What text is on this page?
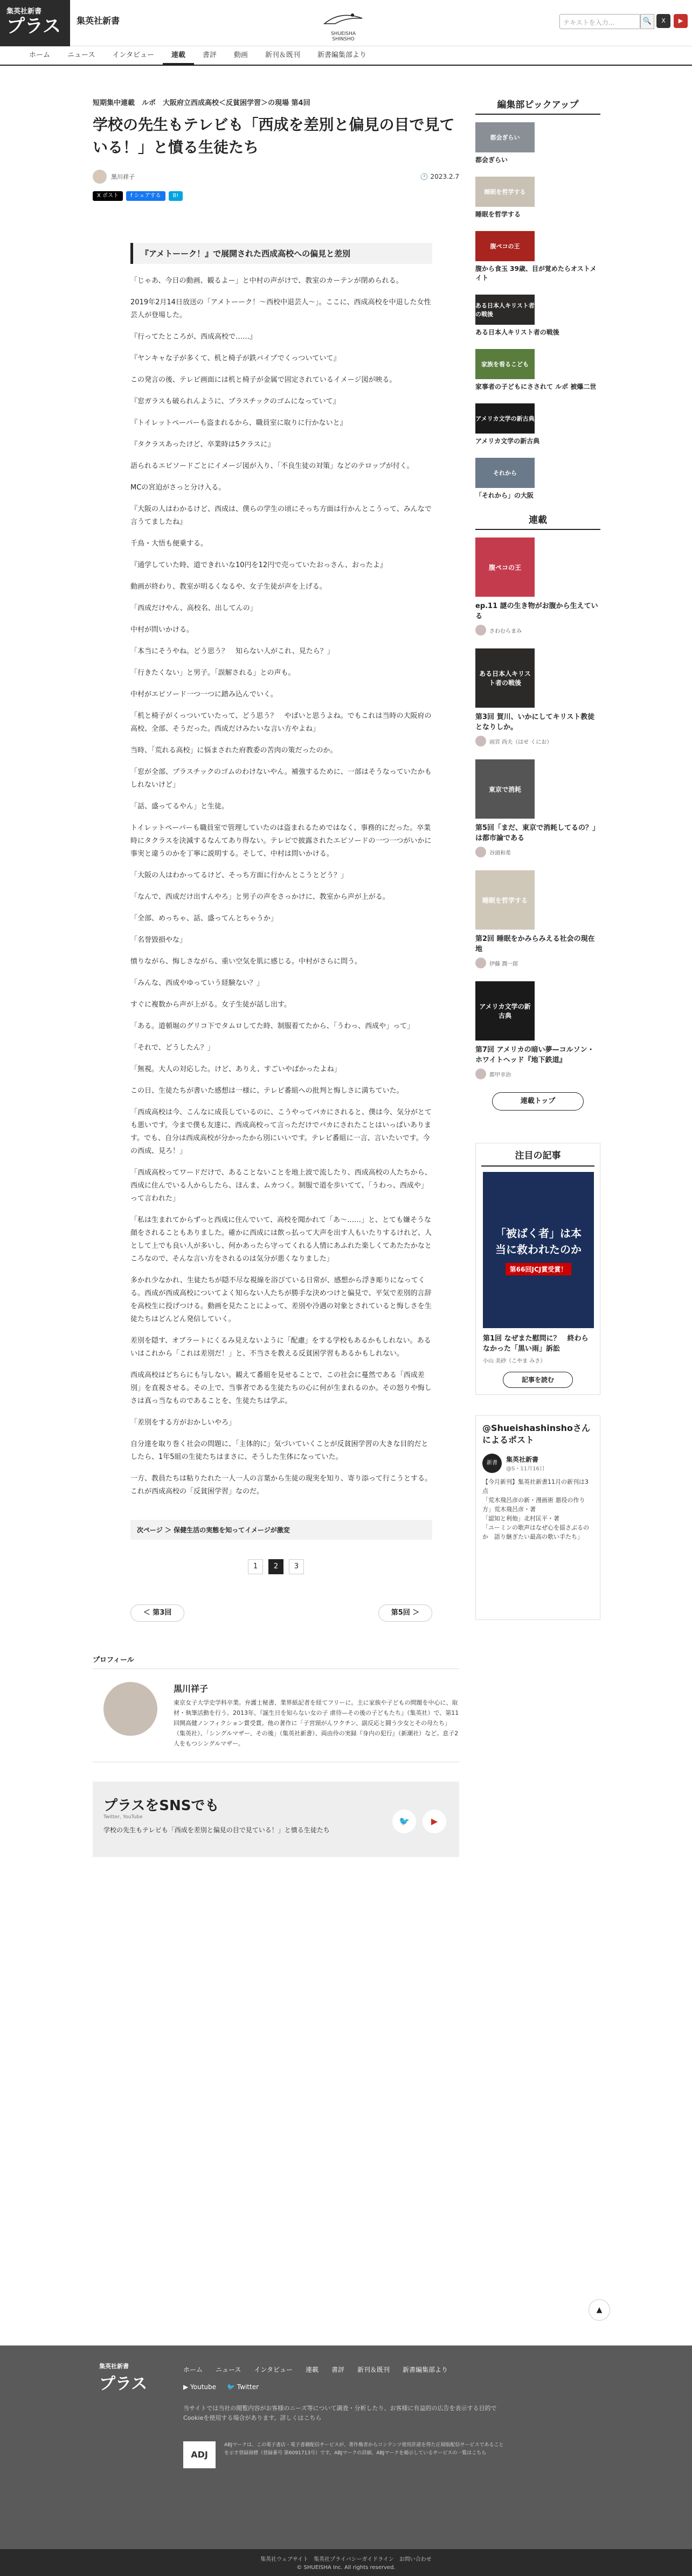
集英社新書
プラス	集英社新書
SHUEISHA SHINSHO
テキストを入力...	🔍	X	▶
ホーム	ニュース	インタビュー	連載	書評	動画	新刊＆既刊	新書編集部より
短期集中連載　ルポ　大阪府立西成高校＜反貧困学習＞の現場 第4回
学校の先生もテレビも「西成を差別と偏見の目で見ている！」と憤る生徒たち
黒川祥子	🕐 2023.2.7
X ポスト	f シェアする	B!
『アメトーーク！』で展開された西成高校への偏見と差別

「じゃあ、今日の動画、観るよー」と中村の声がけで、教室のカーテンが閉められる。

2019年2月14日放送の「アメトーーク！〜西校中退芸人〜」。ここに、西成高校を中退した女性芸人が登場した。

『行ってたところが、西成高校で……』

『ヤンキャな子が多くて、机と椅子が鉄パイプでくっついていて』

この発言の後、テレビ画面には机と椅子が金属で固定されているイメージ図が映る。

『窓ガラスも破られんように、プラスチックのゴムになっていて』

『トイレットペーパーも盗まれるから、職員室に取りに行かないと』

『タクラスあったけど、卒業時は5クラスに』

語られるエピソードごとにイメージ図が入り、「不良生徒の対策」などのテロップが付く。

MCの宮迫がさっと分け入る。

『大阪の人はわかるけど、西成は、僕らの学生の頃にそっち方面は行かんとこうって、みんなで言うてましたね』

千鳥・大悟も便乗する。

『通学していた時、道できれいな10円を12円で売っていたおっさん、おったよ』

動画が終わり、教室が明るくなるや、女子生徒が声を上げる。

「西成だけやん、高校名、出してんの」

中村が問いかける。

「本当にそうやね。どう思う？　知らない人がこれ、見たら？」

「行きたくない」と男子。「誤解される」との声も。

中村がエピソード一つ一つに踏み込んでいく。

「机と椅子がくっついていたって、どう思う？　やばいと思うよね。でもこれは当時の大阪府の高校、全部、そうだった。西成だけみたいな言い方やよね」

当時、「荒れる高校」に悩まされた府教委の苦肉の策だったのか。

「窓が全部、プラスチックのゴムのわけないやん。補強するために、一部はそうなっていたかもしれないけど」

「話、盛ってるやん」と生徒。

トイレットペーパーも職員室で管理していたのは盗まれるためではなく、事務的にだった。卒業時にタクラスを決減するなんてあり得ない。テレビで披露されたエピソードの一つ一つがいかに事実と違うのかを丁寧に説明する。そして、中村は問いかける。

「大阪の人はわかってるけど、そっち方面に行かんとこうとどう？」

「なんで、西成だけ出すんやろ」と男子の声をさっかけに、教室から声が上がる。

「全部、めっちゃ、話、盛ってんとちゃうか」

「名誉毀損やな」

憤りながら、悔しさながら、重い空気を肌に感じる。中村がさらに問う。

「みんな、西成やゆっていう経験ない？」

すぐに複数から声が上がる。女子生徒が話し出す。

「ある。道頓堀のグリコ下でタムロしてた時、制服着てたから、「うわっ、西成や」って」

「それで、どうしたん？」

「無視。大人の対応した。けど、ありえ、すごいやばかったよね」

この日、生徒たちが書いた感想は一様に、テレビ番組への批判と悔しさに満ちていた。

「西成高校は今、こんなに成長しているのに、こうやってバカにされると、僕は今、気分がとても悪いです。今まで僕も友達に、西成高校って言っただけでバカにされたことはいっぱいあります。でも、自分は西成高校が分かったから別にいいです。テレビ番組に一言、言いたいです。今の西成、見ろ！」

「西成高校ってワードだけで、あることないことを地上波で流したり、西成高校の人たちから、西成に住んでいる人からしたら、ほんま、ムカつく。制服で道を歩いてて、「うわっ、西成や」って言われた」

「私は生まれてからずっと西成に住んでいて、高校を聞かれて「あ〜……」と、とても嫌そうな顔をされることもありました。確かに西成には飲っ払って大声を出す人もいたりするけれど、人として上でも良い人が多いし、何かあったら守ってくれる人情にあふれた楽しくてあたたかなところなので、そんな言い方をされるのは気分が悪くなりました」

多かれ少なかれ、生徒たちが隠不尽な視線を浴びている日常が、感想から浮き彫りになってくる。西成が西成高校についてよく知らない人たちが勝手な決めつけと偏見で、平気で差別的言辞を高校生に投げつける。動画を見たことによって、差別や冷遇の対象とされていると悔しさを生徒たちはどんどん発信していく。

差別を隠す、オブラートにくるみ見えないように「配慮」をする学校もあるかもしれない。あるいはこれから「これは差別だ！」と、不当さを教える反貧困学習もあるかもしれない。

西成高校はどちらにも与しない。観えて番組を見せることで、この社会に蔓然である「西成差別」を直視させる。その上で、当事者である生徒たちの心に何が生まれるのか。その怒りや悔しさは真っ当なものであることを、生徒たちは学ぶ。

「差別をする方がおかしいやろ」

自分達を取り巻く社会の問題に、「主体的に」気づいていくことが反貧困学習の大きな目的だとしたら、1年5組の生徒たちはまさに、そうした生体になっていた。

一方、教員たちは粘りたれた一人一人の言葉から生徒の現実を知り、寄り添って行こうとする。これが西成高校の「反貧困学習」なのだ。

次ページ ＞ 保健生活の実態を知ってイメージが激変
1	2	3
＜ 第3回	第5回 ＞
プロフィール
黒川祥子
東京女子大学史学科卒業。弁護士秘書、業界紙記者を経てフリーに。主に家族や子どもの問題を中心に、取材・執筆活動を行う。2013年、『誕生日を知らない女の子 虐待—その後の子どもたち』（集英社）で、第11回開高健ノンフィクション賞受賞。他の著作に「子宮頸がんワクチン、副反応と闘う少女とその母たち」（集英社）、「シングルマザー、その後」（集英社新書）、両由伶の実録『身内の犯行』（新潮社）など。息子2人をもつシングルマザー。
プラスをSNSでも
Twitter, YouTube
学校の先生もテレビも「西成を差別と偏見の目で見ている！」と憤る生徒たち
🐦	▶
編集部ピックアップ
都会ぎらい
都会ぎらい
睡眠を哲学する
睡眠を哲学する
腹ペコの王
腹から食玉 39歳、目が覚めたらオストメイト
ある日本人キリスト者の戦後
ある日本人キリスト者の戦後
家族を看るこども
家事者の子どもにさされて ルポ 被爆二世
アメリカ文学の新古典
アメリカ文学の新古典
それから
「それから」の大阪
連載
腹ペコの王
ep.11 謎の生き物がお腹から生えている
さわむらまみ
ある日本人キリスト者の戦後
第3回 賀川、いかにしてキリスト教徒となりしか。
雨宮 尚夫（はせ くにお）
東京で消耗
第5回「まだ、東京で消耗してるの？」は都市論である
谷頭和希
睡眠を哲学する
第2回 睡眠をかみらみえる社会の現在地
伊藤 潤一郎
アメリカ文学の新古典
第7回 アメリカの暗い夢—コルソン・ホワイトヘッド『地下鉄道』
都甲幸治
連載トップ
注目の記事
「被ばく者」は本当に救われたのか
第66回JCJ賞受賞！
第1回 なぜまた慰問に？　終わらなかった「黒い雨」訴訟
小山 美砂（こやま みさ）
記事を読む
@Shueishashinshoさんによるポスト
新書	集英社新書
@S・11月16日
【今月新刊】集英社新書11月の新刊は3点
「荒木飛呂彦の新・漫画術 悪役の作り方」荒木飛呂彦・著
「認知と利他」北村匡平・著
「ユーミンの歌声はなぜ心を揺さぶるのか　語り継ぎたい最高の歌い手たち」
▲
集英社新書
プラス
ホーム ニュース インタビュー 連載 書評 新刊＆既刊 新書編集部より
▶ Youtube 🐦 Twitter
当サイトでは当社の閲覧内容がお客様のニーズ等について調査・分析したり、お客様に有益的の広告を表示する目的でCookieを使用する場合があります。詳しくはこちら
ADJ
ABJマークは、この電子書店・電子書籍配信サービスが、著作権者からコンテンツ使用許諾を得た正規版配信サービスであることを示す登録商標（登録番号 第6091713号）です。ABJマークの詳細、ABJマークを掲示しているサービスの一覧はこちら
集英社ウェブサイト　集英社プライバシーガイドライン　お問い合わせ
© SHUEISHA Inc. All rights reserved.
